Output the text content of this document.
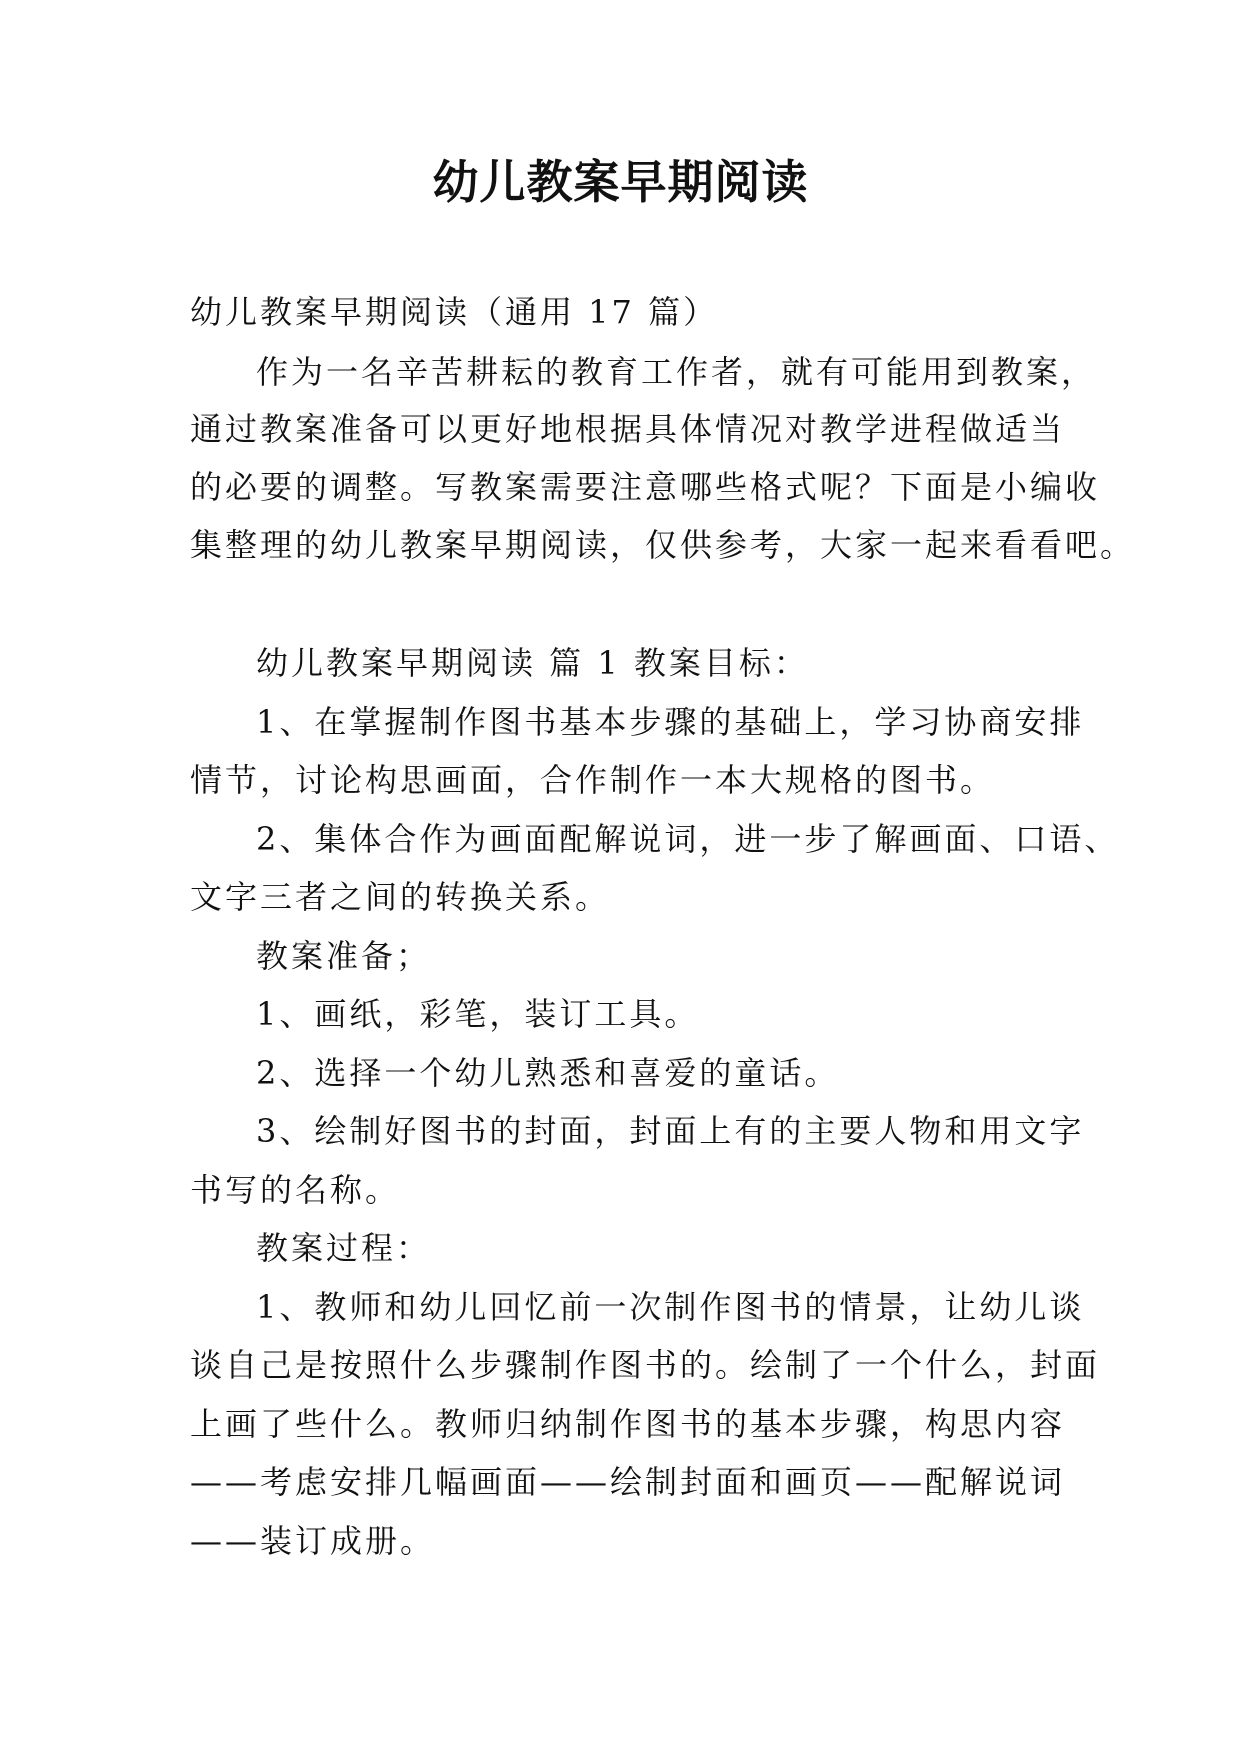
幼儿教案早期阅读
幼儿教案早期阅读（通用 17 篇）
作为一名辛苦耕耘的教育工作者，就有可能用到教案，
通过教案准备可以更好地根据具体情况对教学进程做适当
的必要的调整。写教案需要注意哪些格式呢？下面是小编收
集整理的幼儿教案早期阅读，仅供参考，大家一起来看看吧。
幼儿教案早期阅读 篇 1 教案目标：
1、在掌握制作图书基本步骤的基础上，学习协商安排
情节，讨论构思画面，合作制作一本大规格的图书。
2、集体合作为画面配解说词，进一步了解画面、口语、
文字三者之间的转换关系。
教案准备；
1、画纸，彩笔，装订工具。
2、选择一个幼儿熟悉和喜爱的童话。
3、绘制好图书的封面，封面上有的主要人物和用文字
书写的名称。
教案过程：
1、教师和幼儿回忆前一次制作图书的情景，让幼儿谈
谈自己是按照什么步骤制作图书的。绘制了一个什么，封面
上画了些什么。教师归纳制作图书的基本步骤，构思内容
——考虑安排几幅画面——绘制封面和画页——配解说词
——装订成册。
